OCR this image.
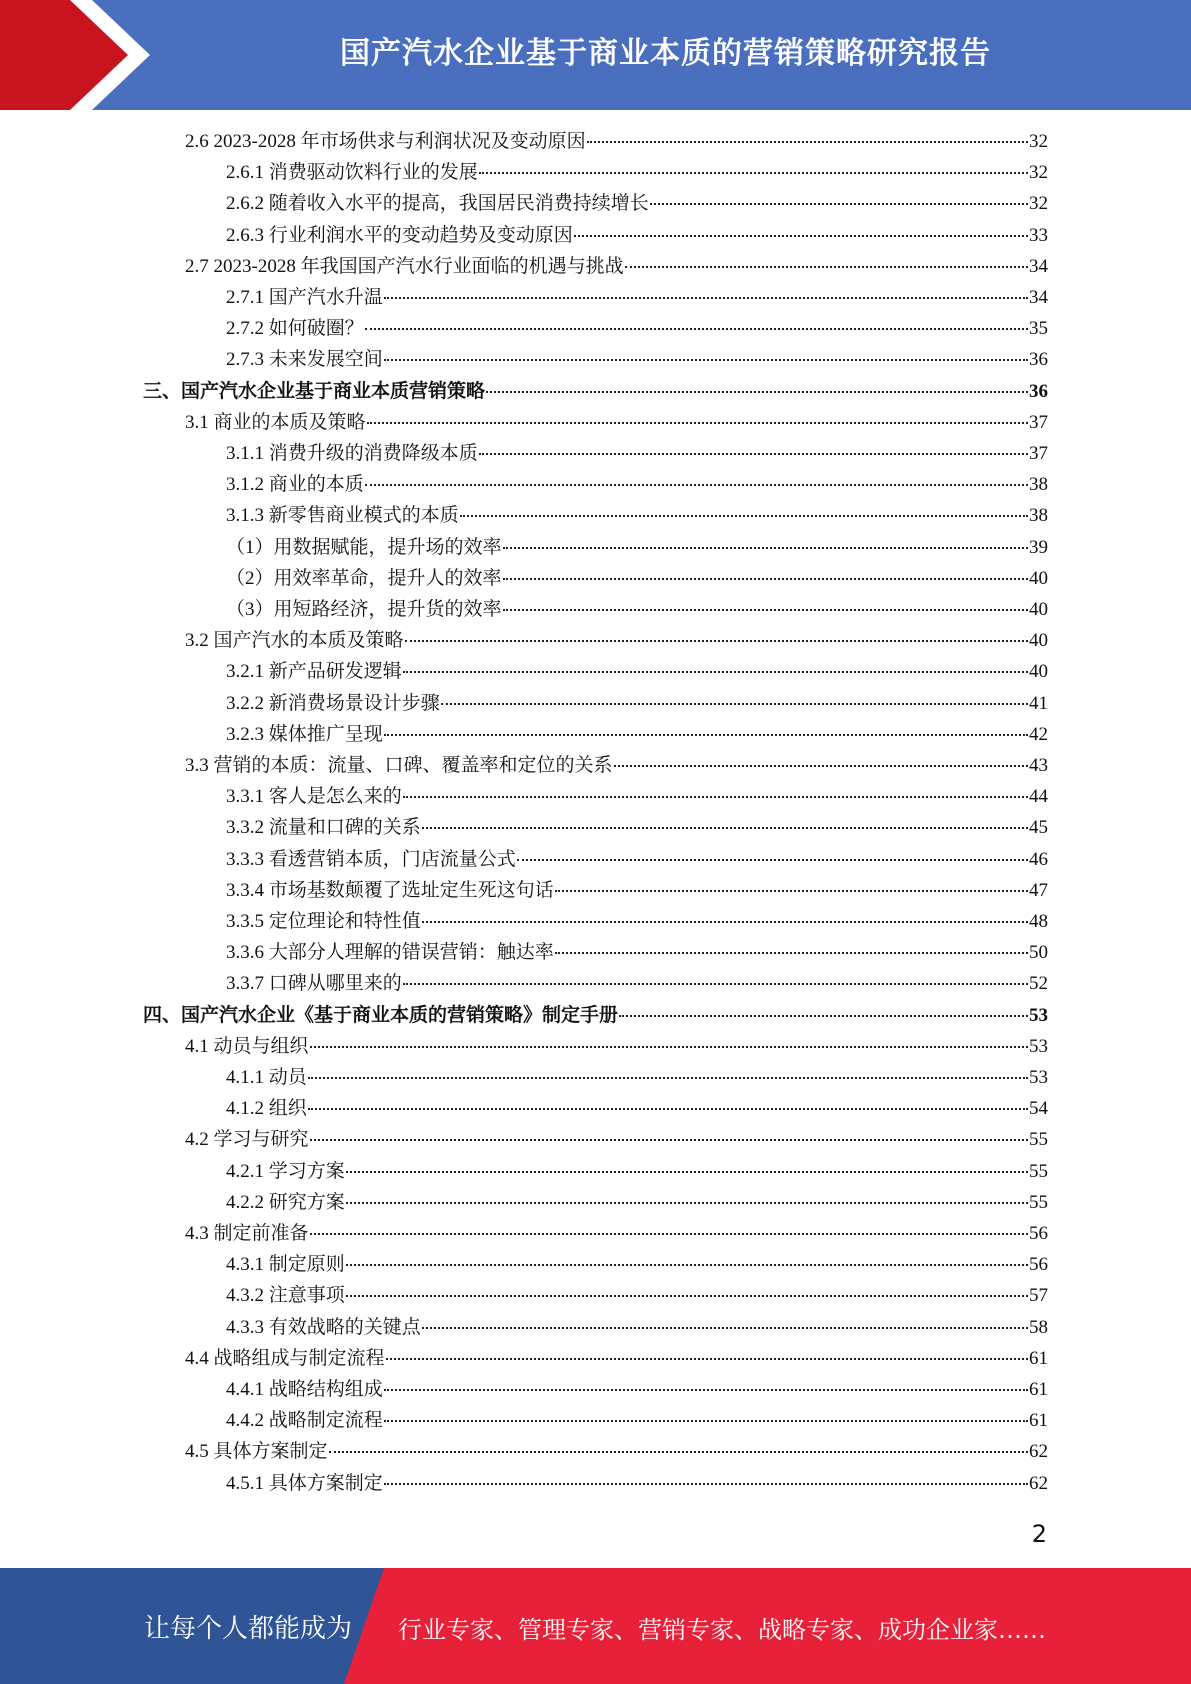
国产汽水企业基于商业本质的营销策略研究报告
2.6 2023-2028 年市场供求与利润状况及变动原因	32
2.6.1 消费驱动饮料行业的发展	32
2.6.2 随着收入水平的提高，我国居民消费持续增长	32
2.6.3 行业利润水平的变动趋势及变动原因	33
2.7 2023-2028 年我国国产汽水行业面临的机遇与挑战	34
2.7.1 国产汽水升温	34
2.7.2 如何破圈？	35
2.7.3 未来发展空间	36
三、国产汽水企业基于商业本质营销策略	36
3.1 商业的本质及策略	37
3.1.1 消费升级的消费降级本质	37
3.1.2 商业的本质	38
3.1.3 新零售商业模式的本质	38
（1）用数据赋能，提升场的效率	39
（2）用效率革命，提升人的效率	40
（3）用短路经济，提升货的效率	40
3.2 国产汽水的本质及策略	40
3.2.1 新产品研发逻辑	40
3.2.2 新消费场景设计步骤	41
3.2.3 媒体推广呈现	42
3.3 营销的本质：流量、口碑、覆盖率和定位的关系	43
3.3.1 客人是怎么来的	44
3.3.2 流量和口碑的关系	45
3.3.3 看透营销本质，门店流量公式	46
3.3.4 市场基数颠覆了选址定生死这句话	47
3.3.5 定位理论和特性值	48
3.3.6 大部分人理解的错误营销：触达率	50
3.3.7 口碑从哪里来的	52
四、国产汽水企业《基于商业本质的营销策略》制定手册	53
4.1 动员与组织	53
4.1.1 动员	53
4.1.2 组织	54
4.2 学习与研究	55
4.2.1 学习方案	55
4.2.2 研究方案	55
4.3 制定前准备	56
4.3.1 制定原则	56
4.3.2 注意事项	57
4.3.3 有效战略的关键点	58
4.4 战略组成与制定流程	61
4.4.1 战略结构组成	61
4.4.2 战略制定流程	61
4.5 具体方案制定	62
4.5.1 具体方案制定	62
2
让每个人都能成为 行业专家、管理专家、营销专家、战略专家、成功企业家……
